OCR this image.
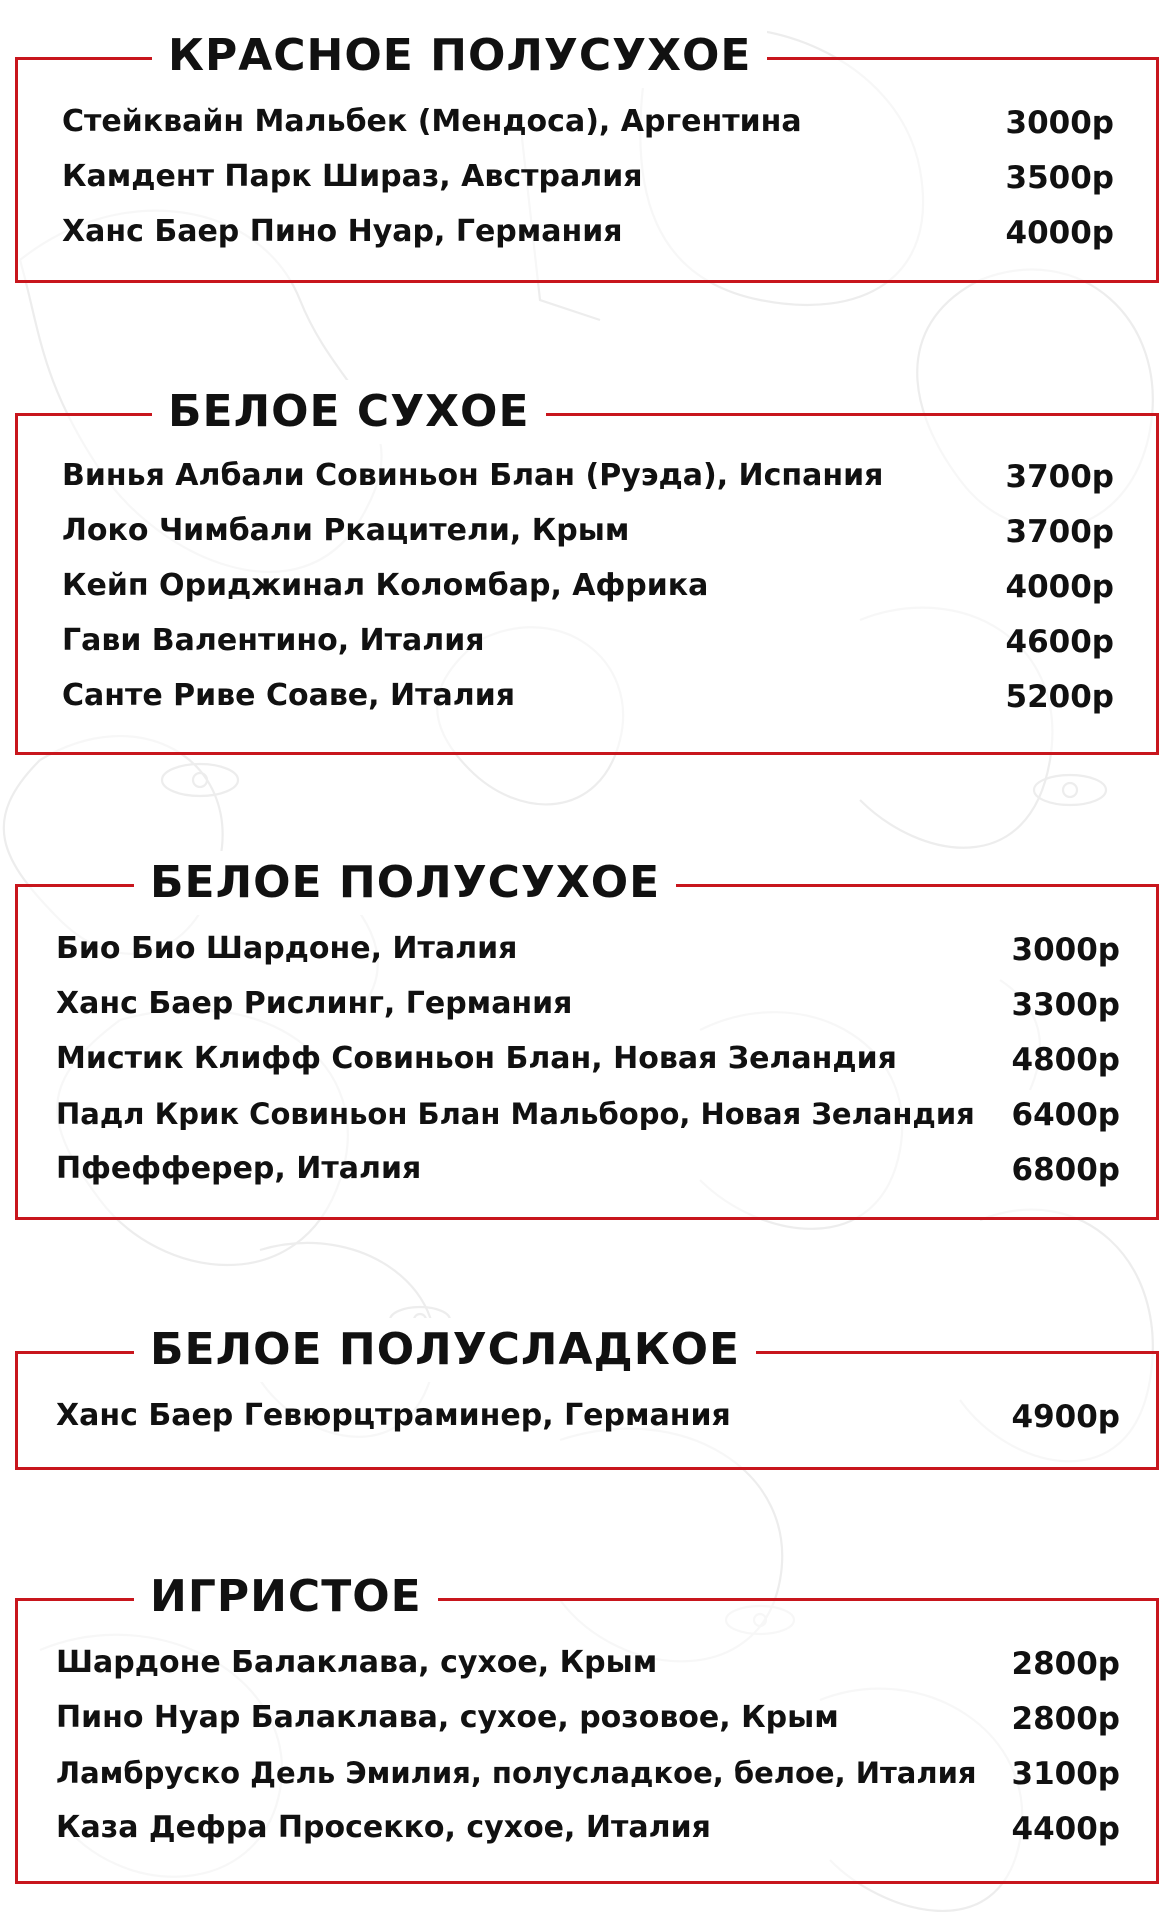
КРАСНОЕ ПОЛУСУХОЕ
Стейквайн Мальбек (Мендоса), Аргентина	3000р
Камдент Парк Шираз, Австралия	3500р
Ханс Баер Пино Нуар, Германия	4000р
БЕЛОЕ СУХОЕ
Винья Албали Совиньон Блан (Руэда), Испания	3700р
Локо Чимбали Ркацители, Крым	3700р
Кейп Ориджинал Коломбар, Африка	4000р
Гави Валентино, Италия	4600р
Санте Риве Соаве, Италия	5200р
БЕЛОЕ ПОЛУСУХОЕ
Био Био Шардоне, Италия	3000р
Ханс Баер Рислинг, Германия	3300р
Мистик Клифф Совиньон Блан, Новая Зеландия	4800р
Падл Крик Совиньон Блан Мальборо, Новая Зеландия 6400р
Пфефферер, Италия	6800р
БЕЛОЕ ПОЛУСЛАДКОЕ
Ханс Баер Гевюрцтраминер, Германия	4900р
ИГРИСТОЕ
Шардоне Балаклава, сухое, Крым	2800р
Пино Нуар Балаклава, сухое, розовое, Крым	2800р
Ламбруско Дель Эмилия, полусладкое, белое, Италия 3100р
Каза Дефра Просекко, сухое, Италия	4400р
